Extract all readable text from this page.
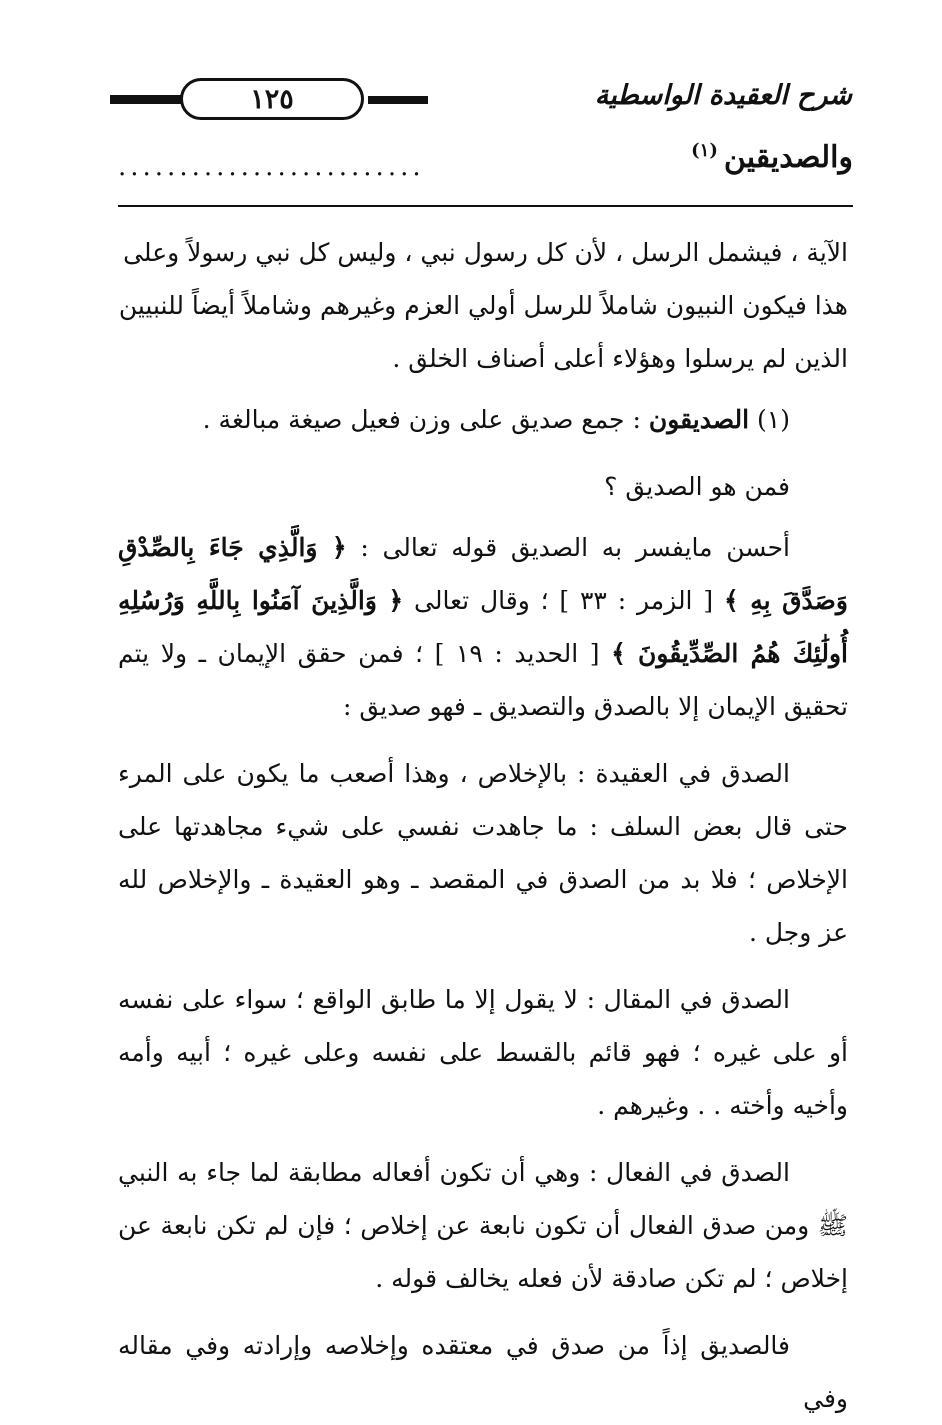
١٢٥	شرح العقيدة الواسطية
والصديقين$^{(١)}$
.........................

الآية ، فيشمل الرسل ، لأن كل رسول نبي ، وليس كل نبي رسولاً وعلى

هذا فيكون النبيون شاملاً للرسل أولي العزم وغيرهم وشاملاً أيضاً للنبيين

الذين لم يرسلوا وهؤلاء أعلى أصناف الخلق .

(١) الصديقون : جمع صديق على وزن فعيل صيغة مبالغة .

فمن هو الصديق ؟

أحسن مايفسر به الصديق قوله تعالى : ﴿ وَالَّذِي جَاءَ بِالصِّدْقِ وَصَدَّقَ بِهِ ﴾ [ الزمر : ٣٣ ] ؛ وقال تعالى ﴿ وَالَّذِينَ آمَنُوا بِاللَّهِ وَرُسُلِهِ أُولَٰئِكَ هُمُ الصِّدِّيقُونَ ﴾ [ الحديد : ١٩ ] ؛ فمن حقق الإيمان ـ ولا يتم تحقيق الإيمان إلا بالصدق والتصديق ـ فهو صديق :

الصدق في العقيدة : بالإخلاص ، وهذا أصعب ما يكون على المرء حتى قال بعض السلف : ما جاهدت نفسي على شيء مجاهدتها على الإخلاص ؛ فلا بد من الصدق في المقصد ـ وهو العقيدة ـ والإخلاص لله عز وجل .

الصدق في المقال : لا يقول إلا ما طابق الواقع ؛ سواء على نفسه أو على غيره ؛ فهو قائم بالقسط على نفسه وعلى غيره ؛ أبيه وأمه وأخيه وأخته . . وغيرهم .

الصدق في الفعال : وهي أن تكون أفعاله مطابقة لما جاء به النبي ﷺ ومن صدق الفعال أن تكون نابعة عن إخلاص ؛ فإن لم تكن نابعة عن إخلاص ؛ لم تكن صادقة لأن فعله يخالف قوله .

فالصديق إذاً من صدق في معتقده وإخلاصه وإرادته وفي مقاله وفي
